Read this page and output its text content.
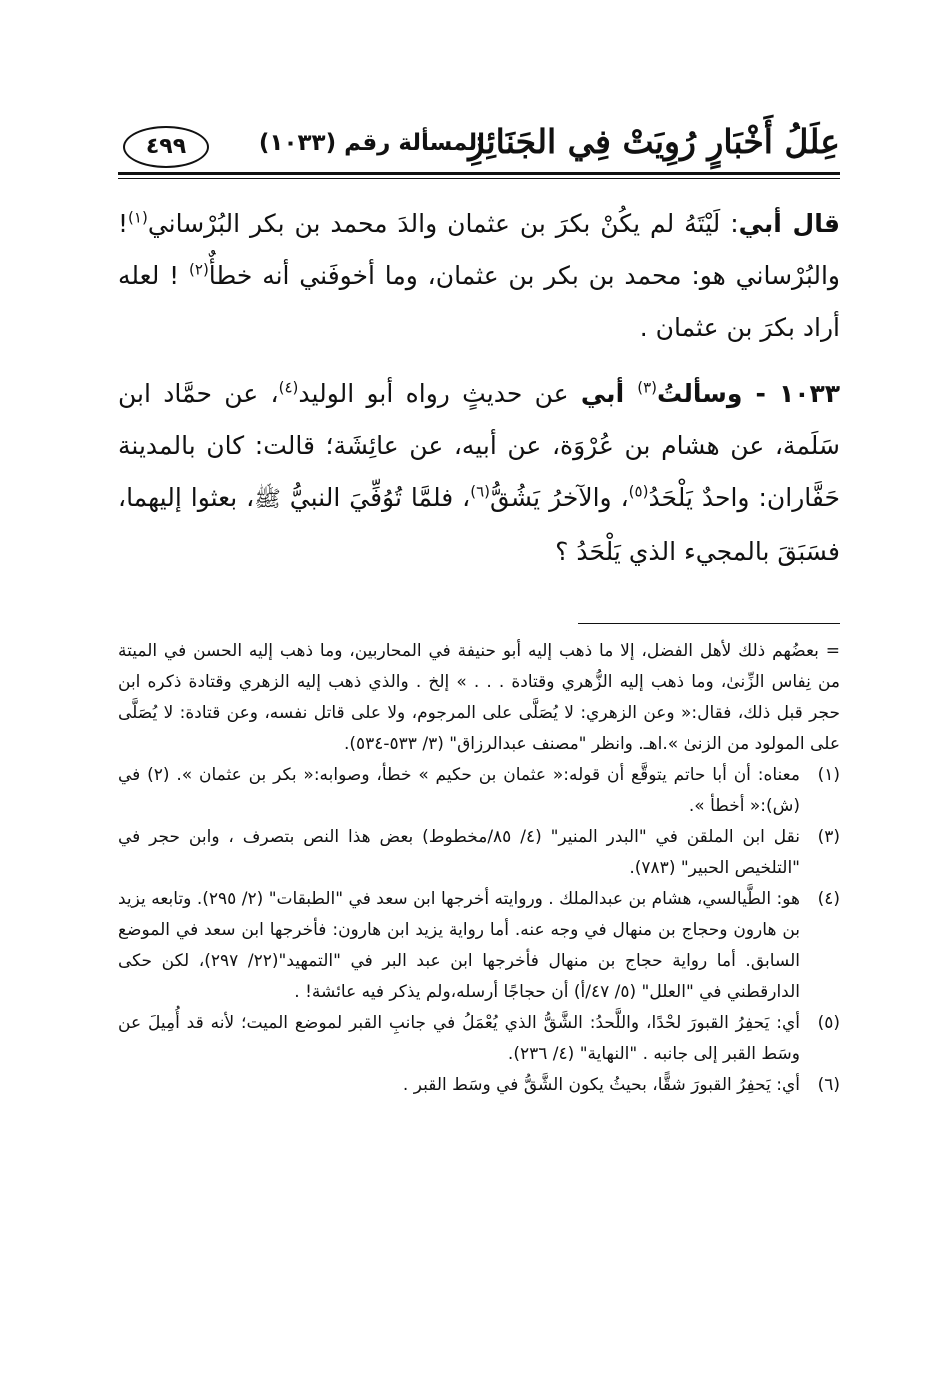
عِلَلُ أَخْبَارٍ رُوِيَتْ فِي الجَنَائِزِ
المسألة رقم (١٠٣٣)
٤٩٩

قال أبي: لَيْتَهُ لم يكُنْ بكرَ بن عثمان والدَ محمد بن بكر البُرْساني$^{(١)}$! والبُرْساني هو: محمد بن بكر بن عثمان، وما أخوفَني أنه خطأٌ$^{(٢)}$ ! لعله أراد بكرَ بن عثمان .

١٠٣٣ - وسألتُ$^{(٣)}$ أبي عن حديثٍ رواه أبو الوليد$^{(٤)}$، عن حمَّاد ابن سَلَمة، عن هشام بن عُرْوَة، عن أبيه، عن عائِشَة؛ قالت: كان بالمدينة حَفَّاران: واحدٌ يَلْحَدُ$^{(٥)}$، والآخرُ يَشُقُّ$^{(٦)}$، فلمَّا تُوُفِّيَ النبيُّ ﷺ، بعثوا إليهما، فسَبَقَ بالمجيء الذي يَلْحَدُ ؟

= بعضُهم ذلك لأهل الفضل، إلا ما ذهب إليه أبو حنيفة في المحاربين، وما ذهب إليه الحسن في الميتة من نِفاس الزِّنىٰ، وما ذهب إليه الزُّهري وقتادة . . . » إلخ . والذي ذهب إليه الزهري وقتادة ذكره ابن حجر قبل ذلك، فقال:« وعن الزهري: لا يُصَلَّى على المرجوم، ولا على قاتل نفسه، وعن قتادة: لا يُصَلَّى على المولود من الزنىٰ ».اهـ. وانظر "مصنف عبدالرزاق" (٣/ ٥٣٣-٥٣٤).
(١)
معناه: أن أبا حاتم يتوقَّع أن قوله:« عثمان بن حكيم » خطأ، وصوابه:« بكر بن عثمان ». (٢) في (ش):« أخطأ ».
(٣)
نقل ابن الملقن في "البدر المنير" (٤/ ٨٥/مخطوط) بعض هذا النص بتصرف ، وابن حجر في "التلخيص الحبير" (٧٨٣).
(٤)
هو: الطَّيالسي، هشام بن عبدالملك . وروايته أخرجها ابن سعد في "الطبقات" (٢/ ٢٩٥). وتابعه يزيد بن هارون وحجاج بن منهال في وجه عنه. أما رواية يزيد ابن هارون: فأخرجها ابن سعد في الموضع السابق. أما رواية حجاج بن منهال فأخرجها ابن عبد البر في "التمهيد"(٢٢/ ٢٩٧)، لكن حكى الدارقطني في "العلل" (٥/ ٤٧/أ) أن حجاجًا أرسله،ولم يذكر فيه عائشة! .
(٥)
أي: يَحفِرُ القبورَ لحْدًا، واللَّحدُ: الشَّقُّ الذي يُعْمَلُ في جانبِ القبر لموضع الميت؛ لأنه قد أُمِيلَ عن وسَط القبر إلى جانبه . "النهاية" (٤/ ٢٣٦).
(٦)
أي: يَحفِرُ القبورَ شقًّا، بحيثُ يكون الشَّقُّ في وسَط القبر .
